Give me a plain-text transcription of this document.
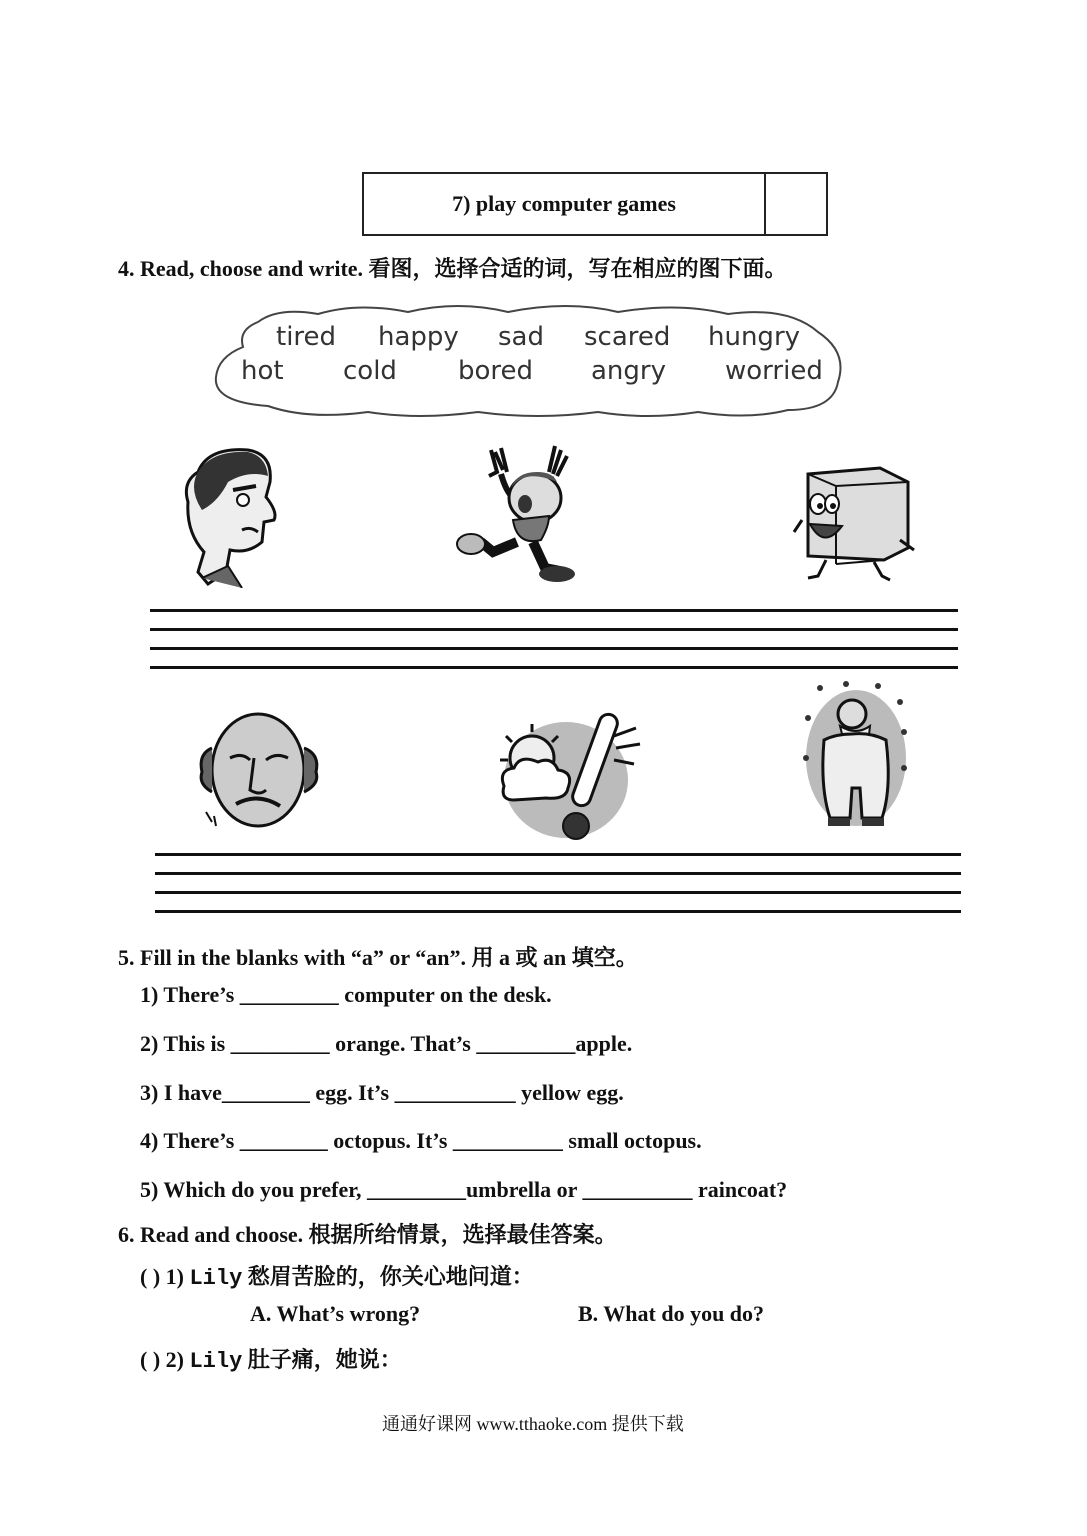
7) play computer games
4. Read, choose and write. 看图，选择合适的词，写在相应的图下面。
tired happy sad scared hungry
hot cold bored angry worried
5. Fill in the blanks with “a” or “an”. 用 a 或 an 填空。
1) There’s _________ computer on the desk.
2) This is _________ orange. That’s _________apple.
3) I have________ egg. It’s ___________ yellow egg.
4) There’s ________ octopus. It’s __________ small octopus.
5) Which do you prefer, _________umbrella or __________ raincoat?
6. Read and choose. 根据所给情景，选择最佳答案。
( ) 1) Lily 愁眉苦脸的，你关心地问道：
A. What’s wrong?	B. What do you do?
( ) 2) Lily 肚子痛，她说：
通通好课网 www.tthaoke.com 提供下载
